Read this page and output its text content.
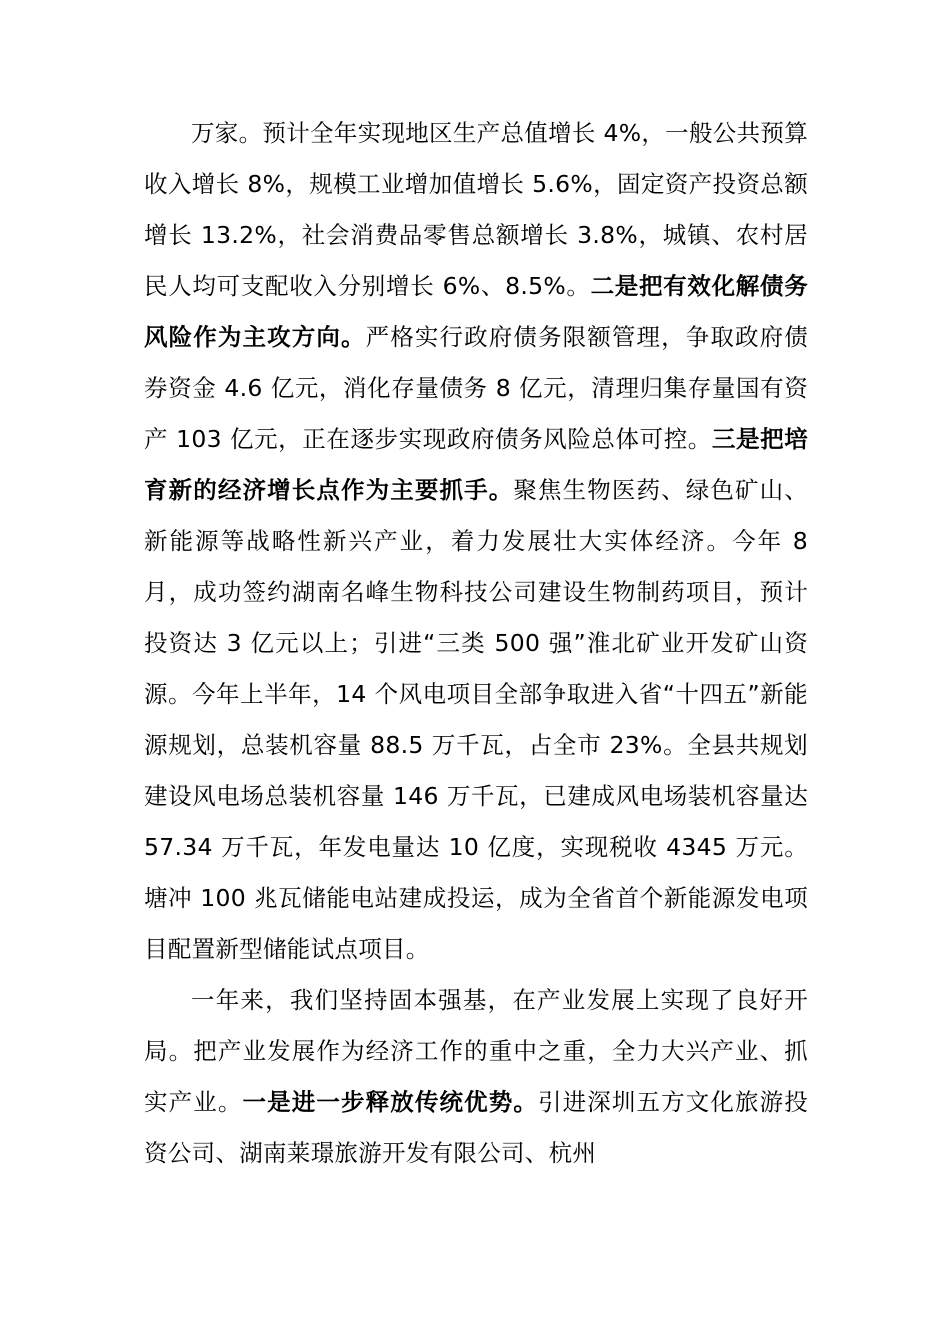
万家。预计全年实现地区生产总值增长 4%，一般公共预算收入增长 8%，规模工业增加值增长 5.6%，固定资产投资总额增长 13.2%，社会消费品零售总额增长 3.8%，城镇、农村居民人均可支配收入分别增长 6%、8.5%。二是把有效化解债务风险作为主攻方向。严格实行政府债务限额管理，争取政府债券资金 4.6 亿元，消化存量债务 8 亿元，清理归集存量国有资产 103 亿元，正在逐步实现政府债务风险总体可控。三是把培育新的经济增长点作为主要抓手。聚焦生物医药、绿色矿山、新能源等战略性新兴产业，着力发展壮大实体经济。今年 8 月，成功签约湖南名峰生物科技公司建设生物制药项目，预计投资达 3 亿元以上；引进“三类 500 强”淮北矿业开发矿山资源。今年上半年，14 个风电项目全部争取进入省“十四五”新能源规划，总装机容量 88.5 万千瓦，占全市 23%。全县共规划建设风电场总装机容量 146 万千瓦，已建成风电场装机容量达 57.34 万千瓦，年发电量达 10 亿度，实现税收 4345 万元。塘冲 100 兆瓦储能电站建成投运，成为全省首个新能源发电项目配置新型储能试点项目。

一年来，我们坚持固本强基，在产业发展上实现了良好开局。把产业发展作为经济工作的重中之重，全力大兴产业、抓实产业。一是进一步释放传统优势。引进深圳五方文化旅游投资公司、湖南莱璟旅游开发有限公司、杭州
